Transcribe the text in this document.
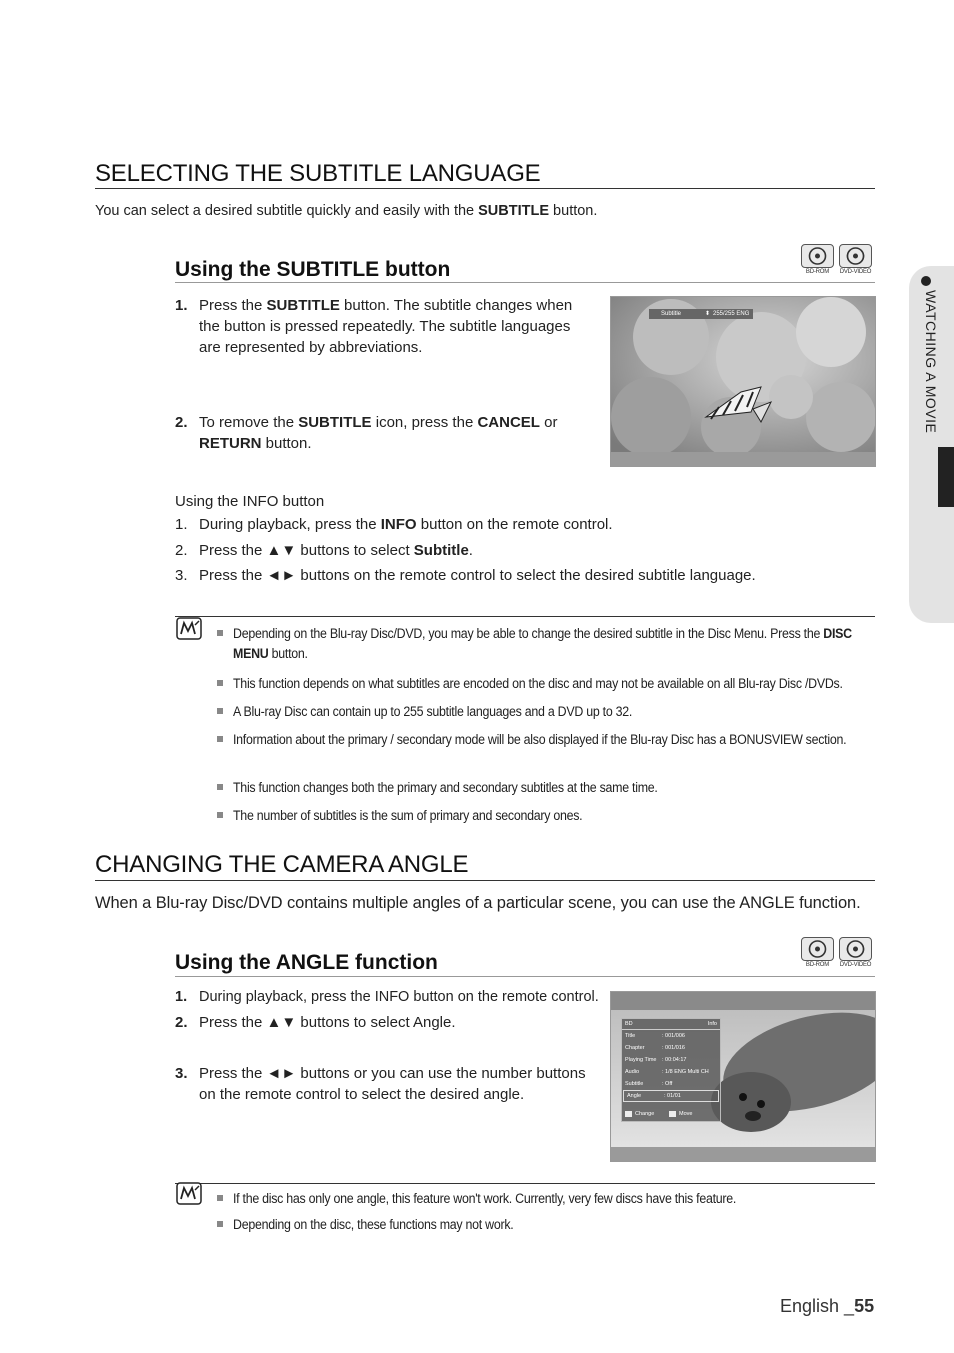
WATCHING A MOVIE
SELECTING THE SUBTITLE LANGUAGE
You can select a desired subtitle quickly and easily with the SUBTITLE button.
Using the SUBTITLE button	BD-ROM	DVD-VIDEO
1. Press the SUBTITLE button. The subtitle changes when the button is pressed repeatedly. The subtitle languages are represented by abbreviations.
2. To remove the SUBTITLE icon, press the CANCEL or RETURN button.
Subtitle	⬍ 255/255 ENG
Using the INFO button
1. During playback, press the INFO button on the remote control.
2. Press the ▲▼ buttons to select Subtitle.
3. Press the ◄► buttons on the remote control to select the desired subtitle language.
Depending on the Blu-ray Disc/DVD, you may be able to change the desired subtitle in the Disc Menu. Press the DISC MENU button.
This function depends on what subtitles are encoded on the disc and may not be available on all Blu-ray Disc /DVDs.
A Blu-ray Disc can contain up to 255 subtitle languages and a DVD up to 32.
Information about the primary / secondary mode will be also displayed if the Blu-ray Disc has a BONUSVIEW section.
This function changes both the primary and secondary subtitles at the same time.
The number of subtitles is the sum of primary and secondary ones.
CHANGING THE CAMERA ANGLE
When a Blu-ray Disc/DVD contains multiple angles of a particular scene, you can use the ANGLE function.
Using the ANGLE function	BD-ROM	DVD-VIDEO
1. During playback, press the INFO button on the remote control.
2. Press the ▲▼ buttons to select Angle.
3. Press the ◄► buttons or you can use the number buttons on the remote control to select the desired angle.
BD	Info
Title	: 001/006
Chapter	: 001/016
Playing Time : 00:04:17
Audio	: 1/8 ENG Multi CH
Subtitle	: Off
Angle	: 01/01
Change	Move
If the disc has only one angle, this feature won't work. Currently, very few discs have this feature.
Depending on the disc, these functions may not work.
English _55
